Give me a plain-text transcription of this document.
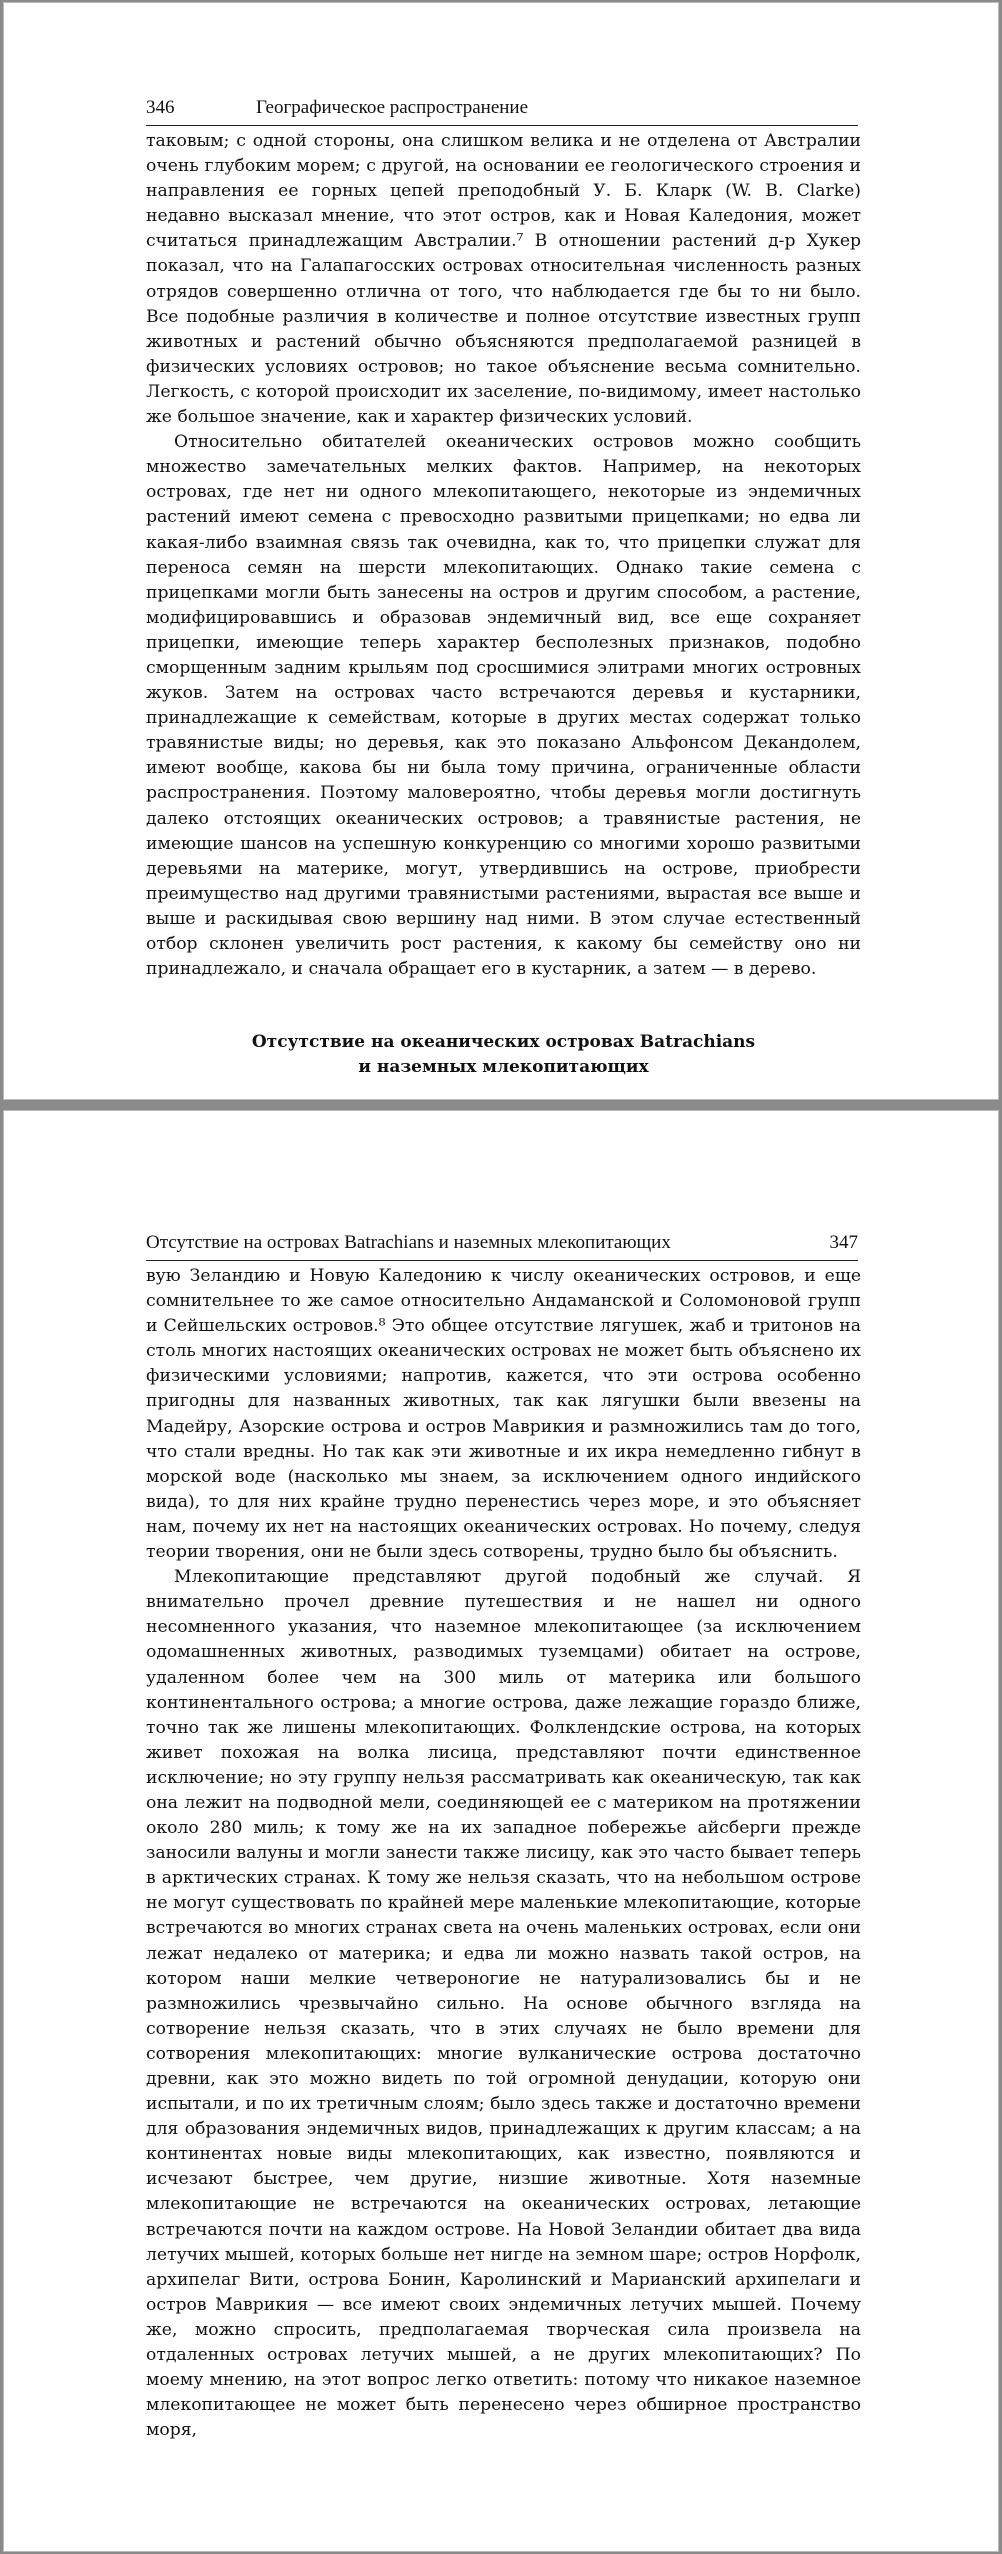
346	Географическое распространение

таковым; с одной стороны, она слишком велика и не отделена от Австралии очень глубоким морем; с другой, на основании ее геологического строения и направления ее горных цепей преподобный У. Б. Кларк (W. B. Clarke) недавно высказал мнение, что этот остров, как и Новая Каледония, может считаться принадлежащим Австралии.⁷ В отношении растений д-р Хукер показал, что на Галапагосских островах относительная численность разных отрядов совершенно отлична от того, что наблюдается где бы то ни было. Все подобные различия в количестве и полное отсутствие известных групп животных и растений обычно объясняются предполагаемой разницей в физических условиях островов; но такое объяснение весьма сомнительно. Легкость, с которой происходит их заселение, по-видимому, имеет настолько же большое значение, как и характер физических условий.

Относительно обитателей океанических островов можно сообщить множество замечательных мелких фактов. Например, на некоторых островах, где нет ни одного млекопитающего, некоторые из эндемичных растений имеют семена с превосходно развитыми прицепками; но едва ли какая-либо взаимная связь так очевидна, как то, что прицепки служат для переноса семян на шерсти млекопитающих. Однако такие семена с прицепками могли быть занесены на остров и другим способом, а растение, модифицировавшись и образовав эндемичный вид, все еще сохраняет прицепки, имеющие теперь характер бесполезных признаков, подобно сморщенным задним крыльям под сросшимися элитрами многих островных жуков. Затем на островах часто встречаются деревья и кустарники, принадлежащие к семействам, которые в других местах содержат только травянистые виды; но деревья, как это показано Альфонсом Декандолем, имеют вообще, какова бы ни была тому причина, ограниченные области распространения. Поэтому маловероятно, чтобы деревья могли достигнуть далеко отстоящих океанических островов; а травянистые растения, не имеющие шансов на успешную конкуренцию со многими хорошо развитыми деревьями на материке, могут, утвердившись на острове, приобрести преимущество над другими травянистыми растениями, вырастая все выше и выше и раскидывая свою вершину над ними. В этом случае естественный отбор склонен увеличить рост растения, к какому бы семейству оно ни принадлежало, и сначала обращает его в кустарник, а затем — в дерево.

Отсутствие на океанических островах Batrachians
и наземных млекопитающих

Отсутствие на островах Batrachians и наземных млекопитающих	347

вую Зеландию и Новую Каледонию к числу океанических островов, и еще сомнительнее то же самое относительно Андаманской и Соломоновой групп и Сейшельских островов.⁸ Это общее отсутствие лягушек, жаб и тритонов на столь многих настоящих океанических островах не может быть объяснено их физическими условиями; напротив, кажется, что эти острова особенно пригодны для названных животных, так как лягушки были ввезены на Мадейру, Азорские острова и остров Маврикия и размножились там до того, что стали вредны. Но так как эти животные и их икра немедленно гибнут в морской воде (насколько мы знаем, за исключением одного индийского вида), то для них крайне трудно перенестись через море, и это объясняет нам, почему их нет на настоящих океанических островах. Но почему, следуя теории творения, они не были здесь сотворены, трудно было бы объяснить.

Млекопитающие представляют другой подобный же случай. Я внимательно прочел древние путешествия и не нашел ни одного несомненного указания, что наземное млекопитающее (за исключением одомашненных животных, разводимых туземцами) обитает на острове, удаленном более чем на 300 миль от материка или большого континентального острова; а многие острова, даже лежащие гораздо ближе, точно так же лишены млекопитающих. Фолклендские острова, на которых живет похожая на волка лисица, представляют почти единственное исключение; но эту группу нельзя рассматривать как океаническую, так как она лежит на подводной мели, соединяющей ее с материком на протяжении около 280 миль; к тому же на их западное побережье айсберги прежде заносили валуны и могли занести также лисицу, как это часто бывает теперь в арктических странах. К тому же нельзя сказать, что на небольшом острове не могут существовать по крайней мере маленькие млекопитающие, которые встречаются во многих странах света на очень маленьких островах, если они лежат недалеко от материка; и едва ли можно назвать такой остров, на котором наши мелкие четвероногие не натурализовались бы и не размножились чрезвычайно сильно. На основе обычного взгляда на сотворение нельзя сказать, что в этих случаях не было времени для сотворения млекопитающих: многие вулканические острова достаточно древни, как это можно видеть по той огромной денудации, которую они испытали, и по их третичным слоям; было здесь также и достаточно времени для образования эндемичных видов, принадлежащих к другим классам; а на континентах новые виды млекопитающих, как известно, появляются и исчезают быстрее, чем другие, низшие животные. Хотя наземные млекопитающие не встречаются на океанических островах, летающие встречаются почти на каждом острове. На Новой Зеландии обитает два вида летучих мышей, которых больше нет нигде на земном шаре; остров Норфолк, архипелаг Вити, острова Бонин, Каролинский и Марианский архипелаги и остров Маврикия — все имеют своих эндемичных летучих мышей. Почему же, можно спросить, предполагаемая творческая сила произвела на отдаленных островах летучих мышей, а не других млекопитающих? По моему мнению, на этот вопрос легко ответить: потому что никакое наземное млекопитающее не может быть перенесено через обширное пространство моря,
